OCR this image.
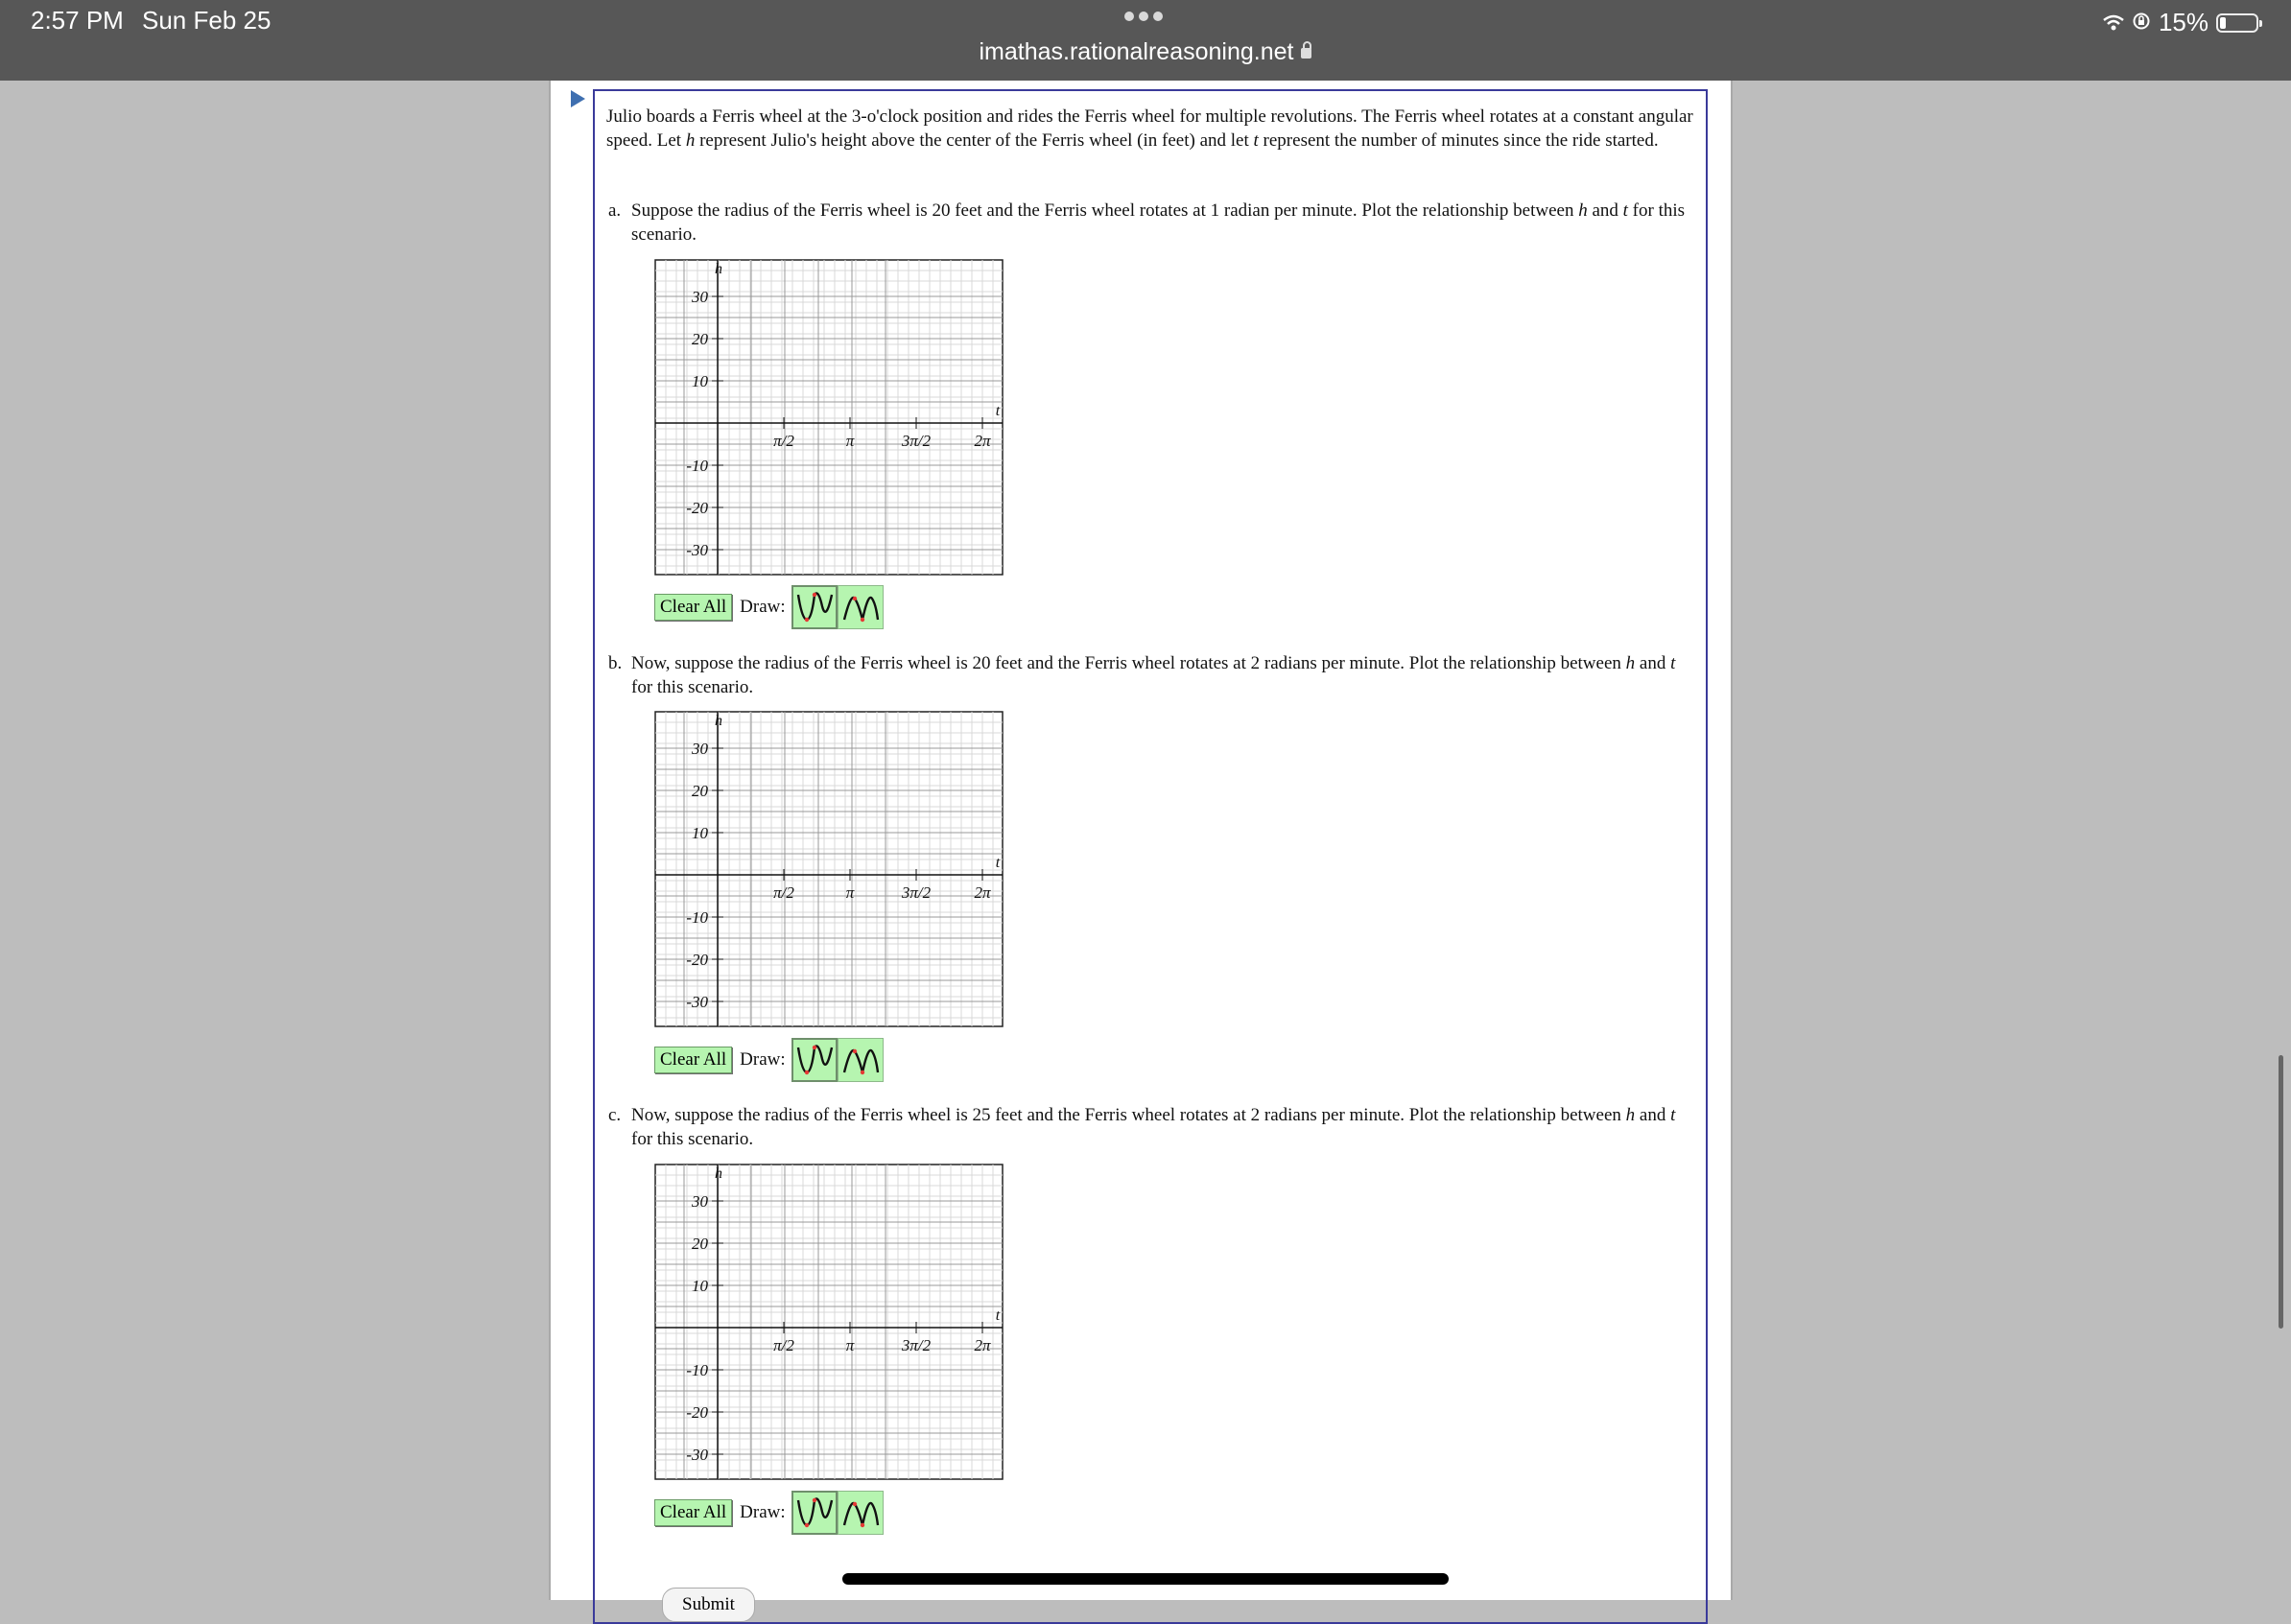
2:57 PM Sun Feb 25
imathas.rationalreasoning.net
15%
Julio boards a Ferris wheel at the 3-o'clock position and rides the Ferris wheel for multiple revolutions. The Ferris wheel rotates at a constant angular speed. Let h represent Julio's height above the center of the Ferris wheel (in feet) and let t represent the number of minutes since the ride started.
a. Suppose the radius of the Ferris wheel is 20 feet and the Ferris wheel rotates at 1 radian per minute. Plot the relationship between h and t for this scenario.
30
20
10
-10
-20
-30
π/2	π	3π/2	2π
h
t
Clear All Draw:
b. Now, suppose the radius of the Ferris wheel is 20 feet and the Ferris wheel rotates at 2 radians per minute. Plot the relationship between h and t for this scenario.
30
20
10
-10
-20
-30
π/2	π	3π/2	2π
h
t
Clear All Draw:
c. Now, suppose the radius of the Ferris wheel is 25 feet and the Ferris wheel rotates at 2 radians per minute. Plot the relationship between h and t for this scenario.
30
20
10
-10
-20
-30
π/2	π	3π/2	2π
h
t
Clear All Draw:
Submit
